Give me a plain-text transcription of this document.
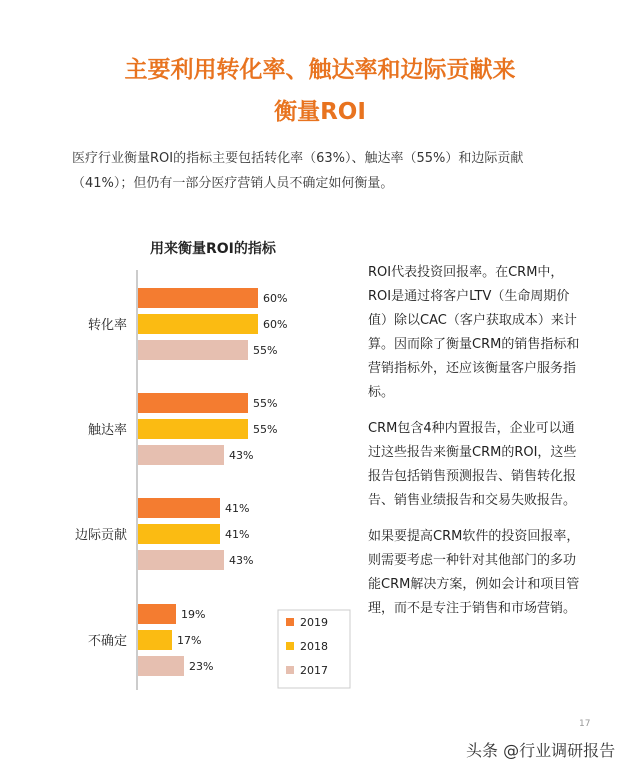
主要利用转化率、触达率和边际贡献来
衡量ROI

医疗行业衡量ROI的指标主要包括转化率（63%）、触达率（55%）和边际贡献（41%）；但仍有一部分医疗营销人员不确定如何衡量。

用来衡量ROI的指标
转化率
60%
60%
55%
触达率
55%
55%
43%
边际贡献
41%
41%
43%
不确定
19%
17%
23%
2019
2018
2017

ROI代表投资回报率。在CRM中，ROI是通过将客户LTV（生命周期价值）除以CAC（客户获取成本）来计算。因而除了衡量CRM的销售指标和营销指标外，还应该衡量客户服务指标。

CRM包含4种内置报告，企业可以通过这些报告来衡量CRM的ROI，这些报告包括销售预测报告、销售转化报告、销售业绩报告和交易失败报告。

如果要提高CRM软件的投资回报率，则需要考虑一种针对其他部门的多功能CRM解决方案，例如会计和项目管理，而不是专注于销售和市场营销。

17
头条 @行业调研报告
